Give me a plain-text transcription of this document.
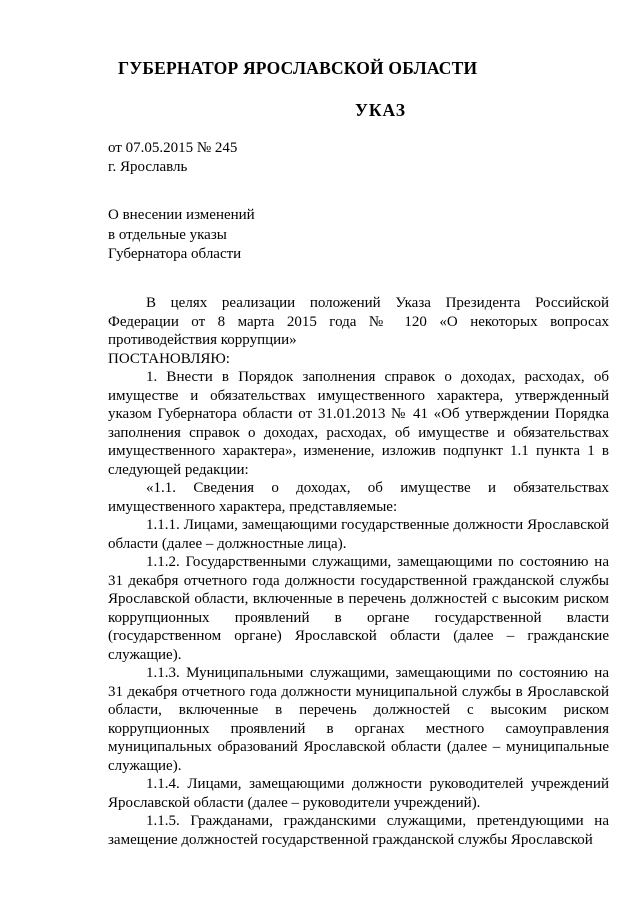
ГУБЕРНАТОР ЯРОСЛАВСКОЙ ОБЛАСТИ
УКАЗ
от 07.05.2015 № 245
г. Ярославль
О внесении изменений
в отдельные указы
Губернатора области

В целях реализации положений Указа Президента Российской Федерации от 8 марта 2015 года № 120 «О некоторых вопросах противодействия коррупции»

ПОСТАНОВЛЯЮ:

1. Внести в Порядок заполнения справок о доходах, расходах, об имуществе и обязательствах имущественного характера, утвержденный указом Губернатора области от 31.01.2013 № 41 «Об утверждении Порядка заполнения справок о доходах, расходах, об имуществе и обязательствах имущественного характера», изменение, изложив подпункт 1.1 пункта 1 в следующей редакции:

«1.1. Сведения о доходах, об имуществе и обязательствах имущественного характера, представляемые:

1.1.1. Лицами, замещающими государственные должности Ярославской области (далее – должностные лица).

1.1.2. Государственными служащими, замещающими по состоянию на 31 декабря отчетного года должности государственной гражданской службы Ярославской области, включенные в перечень должностей с высоким риском коррупционных проявлений в органе государственной власти (государственном органе) Ярославской области (далее – гражданские служащие).

1.1.3. Муниципальными служащими, замещающими по состоянию на 31 декабря отчетного года должности муниципальной службы в Ярославской области, включенные в перечень должностей с высоким риском коррупционных проявлений в органах местного самоуправления муниципальных образований Ярославской области (далее – муниципальные служащие).

1.1.4. Лицами, замещающими должности руководителей учреждений Ярославской области (далее – руководители учреждений).

1.1.5. Гражданами, гражданскими служащими, претендующими на замещение должностей государственной гражданской службы Ярославской
